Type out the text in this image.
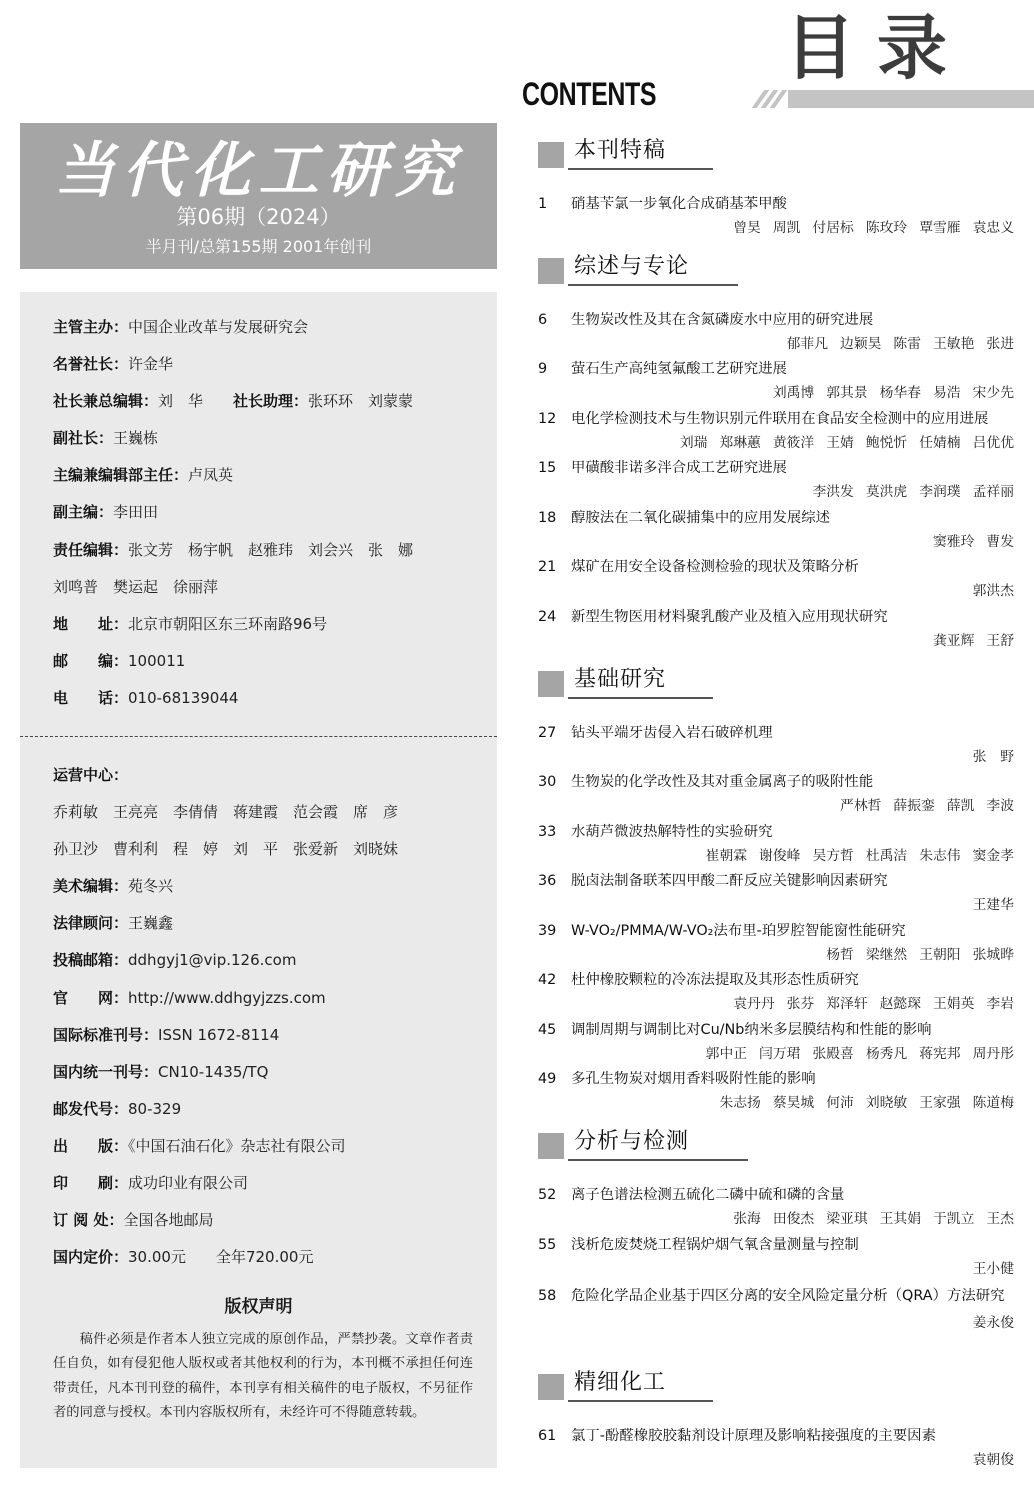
目录
CONTENTS
当代化工研究
第06期（2024）
半月刊/总第155期 2001年创刊
主管主办：中国企业改革与发展研究会
名誉社长：许金华
社长兼总编辑：刘　华 社长助理：张环环　刘蒙蒙
副社长：王巍栋
主编兼编辑部主任：卢凤英
副主编：李田田
责任编辑：张文芳　杨宇帆　赵雅玮　刘会兴　张　娜
刘鸣普　樊运起　徐丽萍
地　　址：北京市朝阳区东三环南路96号
邮　　编：100011
电　　话：010-68139044
运营中心：
乔莉敏　王亮亮　李倩倩　蒋建霞　范会霞　席　彦
孙卫沙　曹利利　程　婷　刘　平　张爱新　刘晓妹
美术编辑：苑冬兴
法律顾问：王巍鑫
投稿邮箱：ddhgyj1@vip.126.com
官　　网：http://www.ddhgyjzzs.com
国际标准刊号：ISSN 1672-8114
国内统一刊号：CN10-1435/TQ
邮发代号：80-329
出　　版：《中国石油石化》杂志社有限公司
印　　刷：成功印业有限公司
订 阅 处：全国各地邮局
国内定价：30.00元　　全年720.00元
版权声明
稿件必须是作者本人独立完成的原创作品，严禁抄袭。文章作者责任自负，如有侵犯他人版权或者其他权利的行为，本刊概不承担任何连带责任，凡本刊刊登的稿件，本刊享有相关稿件的电子版权，不另征作者的同意与授权。本刊内容版权所有，未经许可不得随意转载。
本刊特稿
1 硝基苄氯一步氧化合成硝基苯甲酸
曾昊 周凯 付居标 陈玫玲 覃雪雁 袁忠义
综述与专论
6 生物炭改性及其在含氮磷废水中应用的研究进展
郁菲凡 边颖昊 陈雷 王敏艳 张进
9 萤石生产高纯氢氟酸工艺研究进展
刘禹博 郭其景 杨华春 易浩 宋少先
12 电化学检测技术与生物识别元件联用在食品安全检测中的应用进展
刘瑞 郑琳蕙 黄筱洋 王婧 鲍悦忻 任婧楠 吕优优
15 甲磺酸非诺多泮合成工艺研究进展
李洪发 莫洪虎 李润璞 孟祥丽
18 醇胺法在二氧化碳捕集中的应用发展综述
窦雅玲 曹发
21 煤矿在用安全设备检测检验的现状及策略分析
郭洪杰
24 新型生物医用材料聚乳酸产业及植入应用现状研究
龚亚辉 王舒
基础研究
27 钻头平端牙齿侵入岩石破碎机理
张　野
30 生物炭的化学改性及其对重金属离子的吸附性能
严林哲 薛振銮 薛凯 李波
33 水葫芦微波热解特性的实验研究
崔朝霖 谢俊峰 吴方哲 杜禹洁 朱志伟 窦金孝
36 脱卤法制备联苯四甲酸二酐反应关键影响因素研究
王建华
39 W-VO₂/PMMA/W-VO₂法布里-珀罗腔智能窗性能研究
杨哲 梁继然 王朝阳 张城晔
42 杜仲橡胶颗粒的冷冻法提取及其形态性质研究
袁丹丹 张芬 郑泽轩 赵懿琛 王娟英 李岩
45 调制周期与调制比对Cu/Nb纳米多层膜结构和性能的影响
郭中正 闫万珺 张殿喜 杨秀凡 蒋宪邦 周丹彤
49 多孔生物炭对烟用香料吸附性能的影响
朱志扬 蔡昊城 何沛 刘晓敏 王家强 陈道梅
分析与检测
52 离子色谱法检测五硫化二磷中硫和磷的含量
张海 田俊杰 梁亚琪 王其娟 于凯立 王杰
55 浅析危废焚烧工程锅炉烟气氧含量测量与控制
王小健
58 危险化学品企业基于四区分离的安全风险定量分析（QRA）方法研究
姜永俊
精细化工
61 氯丁-酚醛橡胶胶黏剂设计原理及影响粘接强度的主要因素
袁朝俊
